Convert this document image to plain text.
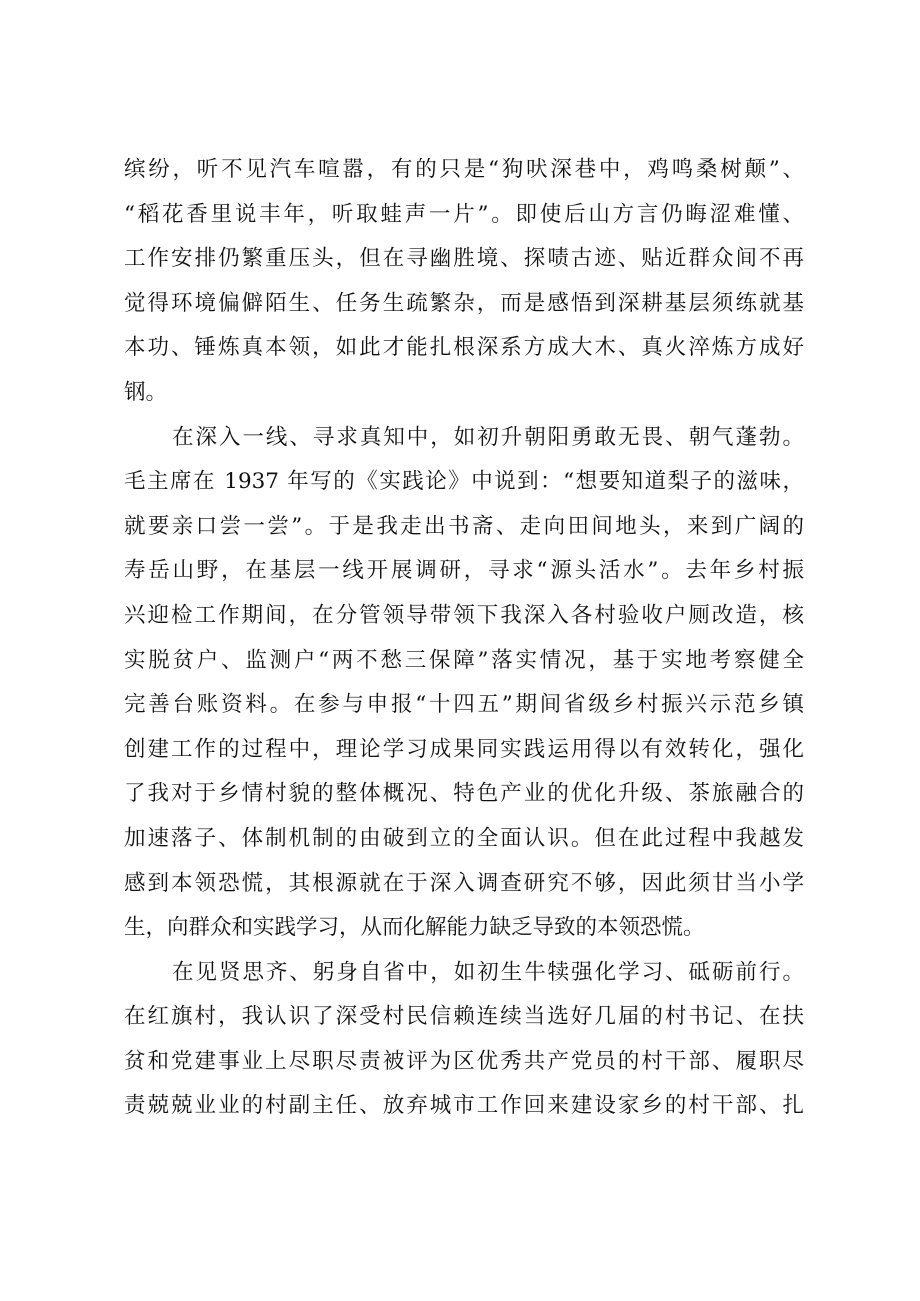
缤纷，听不见汽车喧嚣，有的只是“狗吠深巷中，鸡鸣桑树颠”、
“稻花香里说丰年，听取蛙声一片”。即使后山方言仍晦涩难懂、
工作安排仍繁重压头，但在寻幽胜境、探啧古迹、贴近群众间不再
觉得环境偏僻陌生、任务生疏繁杂，而是感悟到深耕基层须练就基
本功、锤炼真本领，如此才能扎根深系方成大木、真火淬炼方成好
钢。
在深入一线、寻求真知中，如初升朝阳勇敢无畏、朝气蓬勃。
毛主席在 1937 年写的《实践论》中说到：“想要知道梨子的滋味，
就要亲口尝一尝”。于是我走出书斋、走向田间地头，来到广阔的
寿岳山野，在基层一线开展调研，寻求“源头活水”。去年乡村振
兴迎检工作期间，在分管领导带领下我深入各村验收户厕改造，核
实脱贫户、监测户“两不愁三保障”落实情况，基于实地考察健全
完善台账资料。在参与申报“十四五”期间省级乡村振兴示范乡镇
创建工作的过程中，理论学习成果同实践运用得以有效转化，强化
了我对于乡情村貌的整体概况、特色产业的优化升级、茶旅融合的
加速落子、体制机制的由破到立的全面认识。但在此过程中我越发
感到本领恐慌，其根源就在于深入调查研究不够，因此须甘当小学
生，向群众和实践学习，从而化解能力缺乏导致的本领恐慌。
在见贤思齐、躬身自省中，如初生牛犊强化学习、砥砺前行。
在红旗村，我认识了深受村民信赖连续当选好几届的村书记、在扶
贫和党建事业上尽职尽责被评为区优秀共产党员的村干部、履职尽
责兢兢业业的村副主任、放弃城市工作回来建设家乡的村干部、扎
